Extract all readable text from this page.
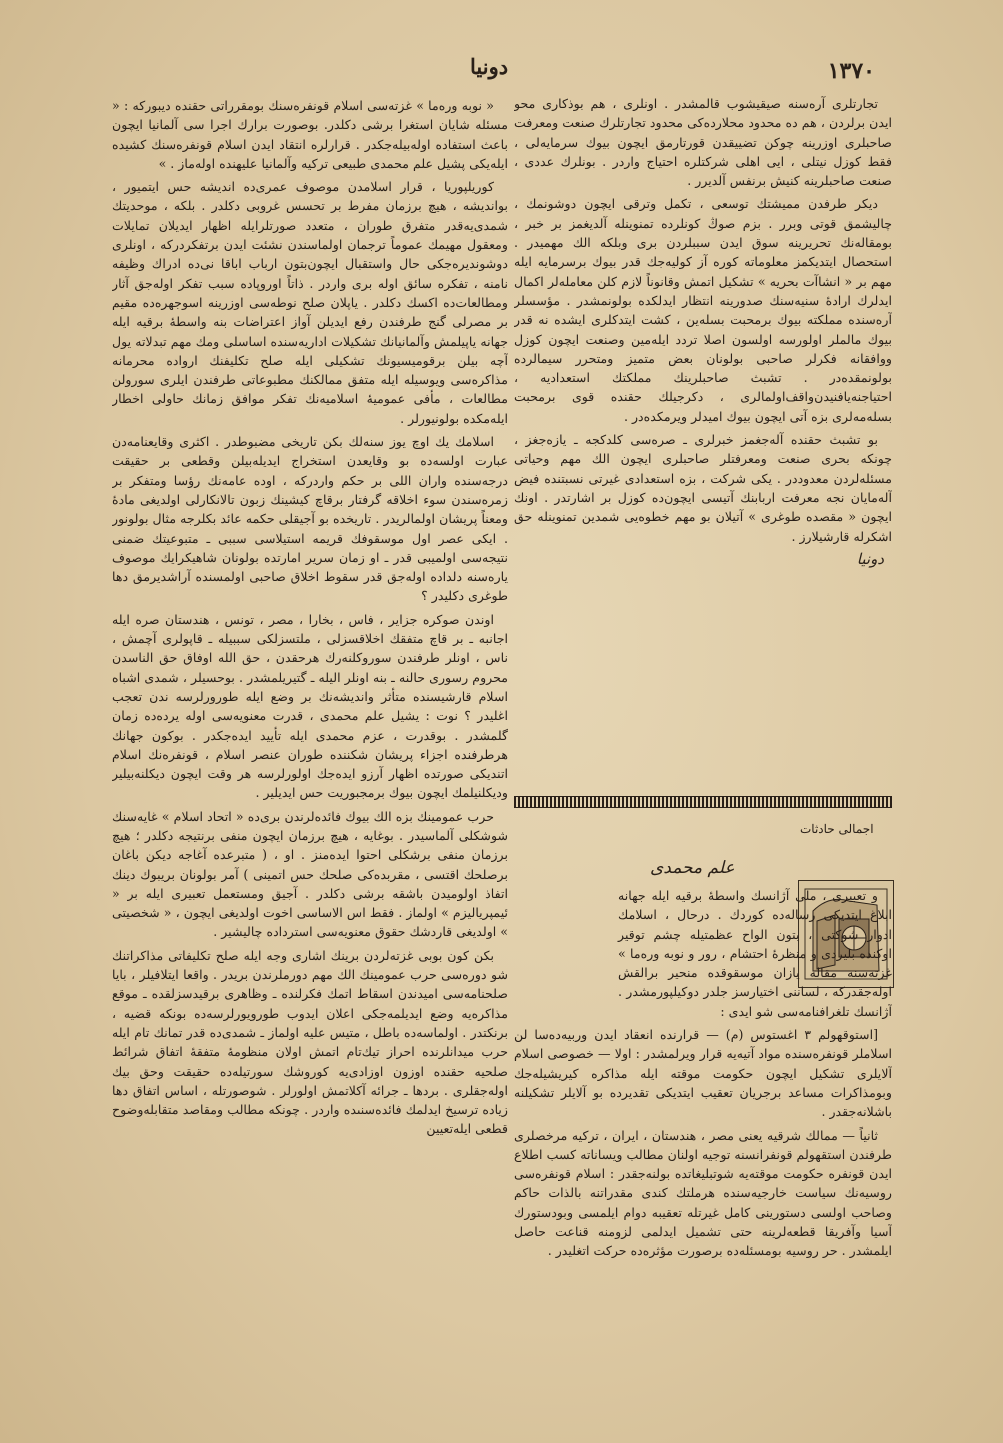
دونيا	۱۳۷۰

تجارتلری آرەسنه صيقيشوب قالمشدر . اونلرى ، هم بوذكارى محو ايدن برلردن ، هم ده محدود محلارده‌كى محدود تجارتلرك صنعت ومعرفت صاحبلرى اوزرينه چوكن تضييقدن قورتارمق ايچون بيوك سرمايه‌لى ، فقط كوزل نيتلى ، ايى اهلى شركتلره احتياج واردر . بونلرك عددى ، صنعت صاحبلرينه كنيش برنفس آلديرر .

ديكر طرفدن مميشتك توسعى ، تكمل وترقى ايچون دوشونمك ، چاليشمق قوتى وبرر . بزم صوڭ كونلرده تمنوينله آلديغمز بر خبر ، بومقاله‌نك تحريرينه سوق ايدن سببلردن برى وبلكه الك مهميدر . استحصال ايتديكمز معلوماته كوره آز كوليه‌جك قدر بيوك برسرمايه ايله مهم بر « انشاآت بحريه » تشكيل اتمش وقانوناً لازم كلن معامله‌لر اكمال ايدلرك ارادهٔ سنيه‌سنك صدورينه انتظار ايدلكده بولونمشدر . مؤسسلر آرەسنده مملكته بيوك برمحبت بسله‌ين ، كشت ايتدكلرى ايشده نه قدر بيوك مالملر اولورسه اولسون اصلا تردد ايله‌مين وصنعت ايچون كوزل ووافقانه فكرلر صاحبى بولونان بعض متميز ومتحرر سيمالرده بولونمقده‌در . تشبث صاحبلرينك مملكتك استعداديه ، احتياجنه‌يافنيدن‌واقف‌اولمالرى ، دكرجيلك حقنده قوى برمحبت بسله‌مه‌لرى بزه آتى ايچون بيوك اميدلر ويرمكده‌در .

بو تشبث حقنده آله‌جغمز خبرلرى ـ صره‌سى كلدكجه ـ يازه‌جغز ، چونكه بحرى صنعت ومعرفتلر صاحبلرى ايچون الك مهم وحياتى مسئله‌لردن معدوددر . يكى شركت ، بزه استعدادى غيرتى نسبتنده فيض آله‌مايان نجه معرفت اربابنك آتيسى ايچون‌ده كوزل بر اشارتدر . اونك ايچون « مقصده طوغرى » آتيلان بو مهم خطوه‌يى شمدين تمنوينله حق اشكرله قارشيلارز .

دونيا
اجمالى حادثات
علم محمدى

و تعبيرى ، ملى آژانسك واسطهٔ برقيه ايله جهانه ابلاغ ايتديكى رسالەده كوردك . درحال ، اسلامك ادوار شوكتى ، بتون الواح عظمتيله چشم توقير اوكنده بليردى و منظرهٔ احتشام ، رور و نوبه ورەما » غزته‌سنه مقالە يازان موسقوقده منحير برالقش اوله‌جقدركه ، لساننى اختيارسز جلدر دوكيلپورمشدر . آژانسك تلغرافنامه‌سى شو ايدى :

[استوقهولم ٣ اغستوس (م) — قرارنده انعقاد ايدن وربيه‌ده‌سا لن اسلاملر قونفره‌سنده مواد آتيه‌يه قرار ويرلمشدر : اولا — خصوصى اسلام آلايلرى تشكيل ايچون حكومت موقته ايله مذاكره كيريشيله‌جك وبومذاكرات مساعد برجريان تعقيب ايتديكى تقديرده بو آلايلر تشكيلنه باشلانه‌جقدر .

ثانياً — ممالك شرقيه يعنى مصر ، هندستان ، ايران ، تركيه مرخصلرى طرفندن استقهولم قونفرانسنه توجيه اولنان مطالب ويساناته كسب اطلاع ايدن قونفره حكومت موقته‌يه شوتبليغاتده بولنه‌جقدر : اسلام قونفرەسى روسيه‌نك سياست خارجيه‌سنده هرملتك كندى مقدراتنه بالذات حاكم وصاحب اولسى دستورينى كامل غيرتله تعقيبه دوام ايلمسى وبودستورك آسيا وآفريقا قطعه‌لرينه حتى تشميل ايدلمى لزومنه قناعت حاصل ايلمشدر . حر روسيه بومسئله‌ده برصورت مؤثره‌ده حركت اتغليدر .

« نوبه ورەما » غزته‌سی اسلام قونفرەسنك بومقرراتی حقنده دیبورکه : « مسئله شایان استغرا برشی دکلدر. بوصورت برارك اجرا سی آلمانیا ایچون باعث استفاده اوله‌بیلەجکدر . قرارلره انتقاد ایدن اسلام قونفرەسنك كشيده ايله‌یکی پشیل علم محمدی طبیعی ترکیه وآلمانیا علیهنده اوله‌ماز . »

کوریلپوریا ، قرار اسلامدن موصوف عمرى‌ده انديشه حس ایتمیور ، بوانديشه ، هيچ برزمان مفرط بر تحسس غروبی دكلدر . بلکه ، موحدیتك شمدی‌یه‌قدر متفرق طوران ، متعدد صورتلرايله اظهار ایدیلان تمایلات‌ ومعقول مهیمك عموماً ترجمان اولماسندن‌ نشئت‌ ایدن برتفكردركه ، اونلرى دوشونديره‌جکی حال واستقبال ایچون‌بتون ارباب اباقا نی‌ده ادراك وظیفه نامنه ، تفكره سائق اوله بری واردر . ذاتاً اوروپاده سبب تفكر اوله‌جق آثار ومطالعات‌ده اکسك دکلدر . یاپلان صلح نوطه‌سی اوزرینه اسوجهره‌ده مقیم بر مصرلی گنج طرفندن رفع ایدیلن آواز اعتراضات بنه واسطهٔ برقیه ایله جهانه یاپیلمش وآلمانیانك تشكيلات اداریه‌سنده اساسلی ومك مهم تبدلاته یول آچه بیلن برقومیسیونك تشکیلی ایله صلح تکلیفنك ارواده محرمانه مذاكره‌سی ويوسيله ايله متفق ممالكنك مطبوعاتی طرفندن ایلری سورولن مطالعات ، مأفی عمومیهٔ اسلامیه‌نك تفكر موافق زمانك حاولی اخطار ایله‌مکده بولونیورلر .

اسلامك يك اوچ يوز سنه‌لك بکن تاریخی مضبوطدر . اکثری وقایعنامه‌دن عبارت اولسه‌ده بو وقايعدن استخراج ایدیله‌بیلن وقطعی بر حقیقت درجه‌سنده واران اللی بر حکم واردرکه ، اوده عامه‌نك رؤسا ومتفكر بر زمره‌سندن سوء اخلاقه گرفتار برقاچ کیشینك زبون تالانكارلی اولدیغی مادهٔ ومعناً پریشان اولمالریدر . تاريخده بو آجيقلى حكمه عائد بكلرجه مثال بولونور . ایکی عصر اول موسقوفك قریمه استيلاسی سببی ـ متبوعیتك ضمنی نتیجه‌سی اولمیبی قدر ـ او زمان سریر امارتده بولونان شاهیکرایك موصوف ياره‌سنه دلداده اوله‌جق قدر سقوط اخلاق صاحبی اولمسنده آراشدیرمق دها طوغری دکلیدر ؟

اوندن صوکره جزایر ، فاس ، بخارا ، مصر ، تونس ، هندستان صره ایله اجانبه ـ بر قاچ متفقك اخلاقسزلی ، ملتسزلكی سببیله ـ قاپولرى آچمش ، ناس ، اونلر طرفندن سوروکلنه‌رك هرحقدن ، حق الله اوفاق حق الناسدن محروم رسوری حالنه ـ بنه اونلر اليله ـ گتیریلمشدر . بوحسیلر ، شمدی اشباه اسلام قارشیسنده متأثر واندیشه‌نك بر وضع ايله طورورلرسه ندن تعجب اغليدر ؟ نوت : يشیل علم محمدی ، قدرت معنویه‌سی اوله‌ یرده‌ده زمان گلمشدر . بوقدرت ، عزم محمدی ايله تأييد ايده‌جکدر . بوکون جهانك هرطرفنده اجزاء پریشان شکننده طوران عنصر اسلام ، قونفرەنك اسلام اتنديكى صورتده اظهار آرزو ایده‌جك اولورلرسه هر وقت ایچون دیکلنه‌بیلیر ودیکلنیلمك ایچون بیوك برمجبوريت حس ايدیلیر .

حرب عمومینك بزه الك بیوك فائده‌لرندن بری‌ده « اتحاد اسلام » غایه‌سنك شوشكلى آلماسيدر . بوغایه ، هيچ برزمان ایچون منفی برنتیجه دكلدر ؛ هیچ برزمان منفی برشكلی احتوا ایده‌منز . او ، ( متبرعده ‌آغاجه ديكن باغان برصلحك اقتسی ، مقربده‌کی صلحك حس اتمينی ) آمر بولونان بریبوك دينك اتفاذ اولومیدن باشقه برشى دكلدر . آجیق ومستعمل تعبیری ایله بر « ئیمپریالیزم » اولماز . فقط اس الاساسی اخوت اولدیغی ایچون ، « شخصیتی » اولدیغی قاردشك حقوق معنویه‌سی استرداده چالیشیر .

بكن كون بوبی غزته‌لردن برینك اشاری وجه ايله صلح تكليفاتی مذاکراتنك شو دوره‌سی حرب عمومینك الك مهم دورملرندن بریدر . واقعا ایتلافیلر ، بایا صلحنامه‌سی امیدندن اسقاط اتمك فکرلنده ـ وظاهری برقیدسزلقده ـ موقع مذاكره‌يه وضع ايدیلمه‌جكى اعلان ايدوب طورویورلرسه‌ده بونكه قضيه ، برنكتدر . اولماسه‌ده باطل ، متیس عليه اولماز ـ شمدی‌ده قدر تمانك تام ايله حرب میدانلرنده احراز تيك‌تام اتمش اولان منظومهٔ متفقهٔ اتفاق شرائط صلحيه حقنده اوزون اوزادى‌يه کوروشك سورتيله‌ده حقيقت وحق بيك اوله‌جقلرى . بردها ـ جرائه آکلاتمش اولورلر . شوصورتله ، اساس اتفاق دها زياده ترسيخ ايدلمك فائده‌سنىده واردر . چونکه مطالب ومقاصد متقابله‌وضوح قطعی ايله‌تعيين
